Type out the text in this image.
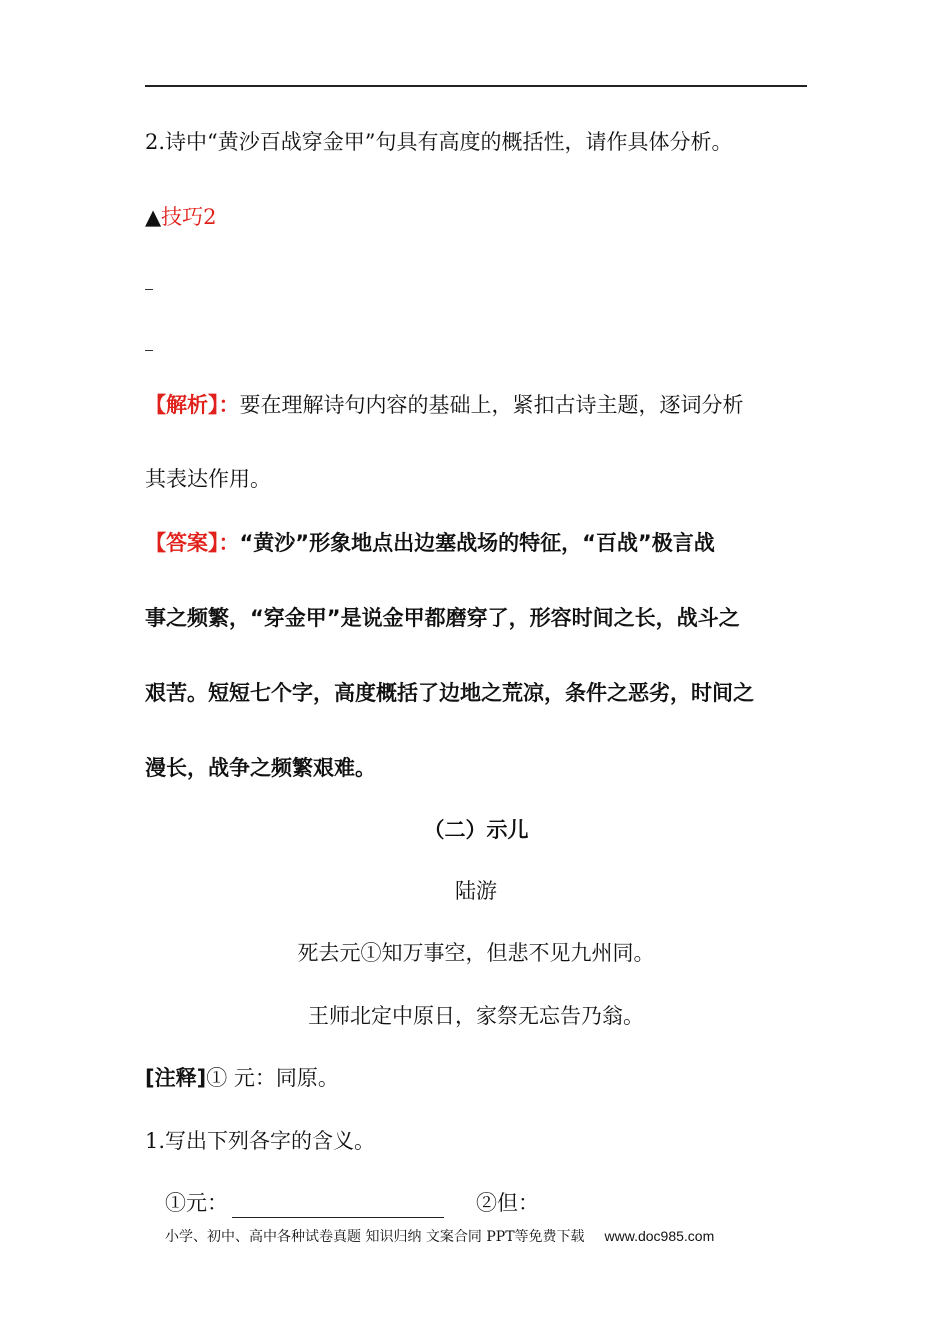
2.诗中“黄沙百战穿金甲”句具有高度的概括性，请作具体分析。
▲技巧2
【解析】：要在理解诗句内容的基础上，紧扣古诗主题，逐词分析
其表达作用。
【答案】：“黄沙”形象地点出边塞战场的特征，“百战”极言战
事之频繁，“穿金甲”是说金甲都磨穿了，形容时间之长，战斗之
艰苦。短短七个字，高度概括了边地之荒凉，条件之恶劣，时间之
漫长，战争之频繁艰难。
（二）示儿
陆游
死去元①知万事空，但悲不见九州同。
王师北定中原日，家祭无忘告乃翁。
[注释]① 元：同原。
1.写出下列各字的含义。
①元：	②但：
小学、初中、高中各种试卷真题 知识归纳 文案合同 PPT等免费下载 www.doc985.com
